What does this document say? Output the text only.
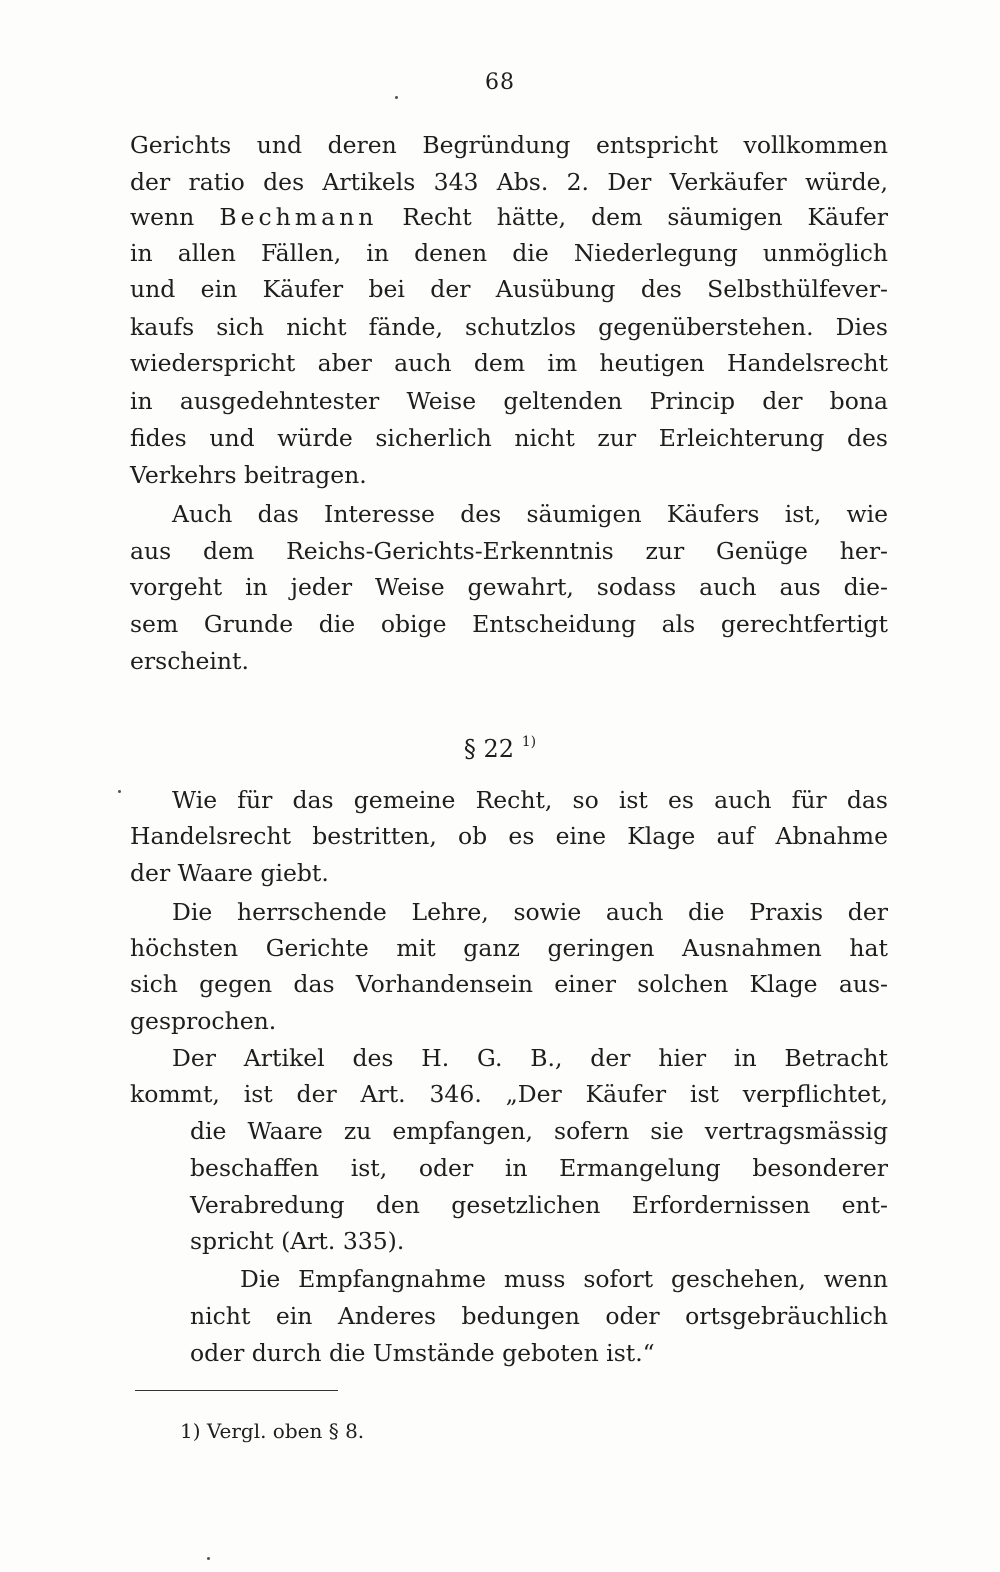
68
Gerichts und deren Begründung entspricht vollkommen
der ratio des Artikels 343 Abs. 2. Der Verkäufer würde,
wenn Bechmann Recht hätte, dem säumigen Käufer
in allen Fällen, in denen die Niederlegung unmöglich
und ein Käufer bei der Ausübung des Selbsthülfever-
kaufs sich nicht fände, schutzlos gegenüberstehen. Dies
wiederspricht aber auch dem im heutigen Handelsrecht
in ausgedehntester Weise geltenden Princip der bona
fides und würde sicherlich nicht zur Erleichterung des
Verkehrs beitragen.
Auch das Interesse des säumigen Käufers ist, wie
aus dem Reichs-Gerichts-Erkenntnis zur Genüge her-
vorgeht in jeder Weise gewahrt, sodass auch aus die-
sem Grunde die obige Entscheidung als gerechtfertigt
erscheint.
§ 22 $^{1)}$
Wie für das gemeine Recht, so ist es auch für das
Handelsrecht bestritten, ob es eine Klage auf Abnahme
der Waare giebt.
Die herrschende Lehre, sowie auch die Praxis der
höchsten Gerichte mit ganz geringen Ausnahmen hat
sich gegen das Vorhandensein einer solchen Klage aus-
gesprochen.
Der Artikel des H. G. B., der hier in Betracht
kommt, ist der Art. 346. „Der Käufer ist verpflichtet,
die Waare zu empfangen, sofern sie vertragsmässig
beschaffen ist, oder in Ermangelung besonderer
Verabredung den gesetzlichen Erfordernissen ent-
spricht (Art. 335).
Die Empfangnahme muss sofort geschehen, wenn
nicht ein Anderes bedungen oder ortsgebräuchlich
oder durch die Umstände geboten ist.“
1) Vergl. oben § 8.
